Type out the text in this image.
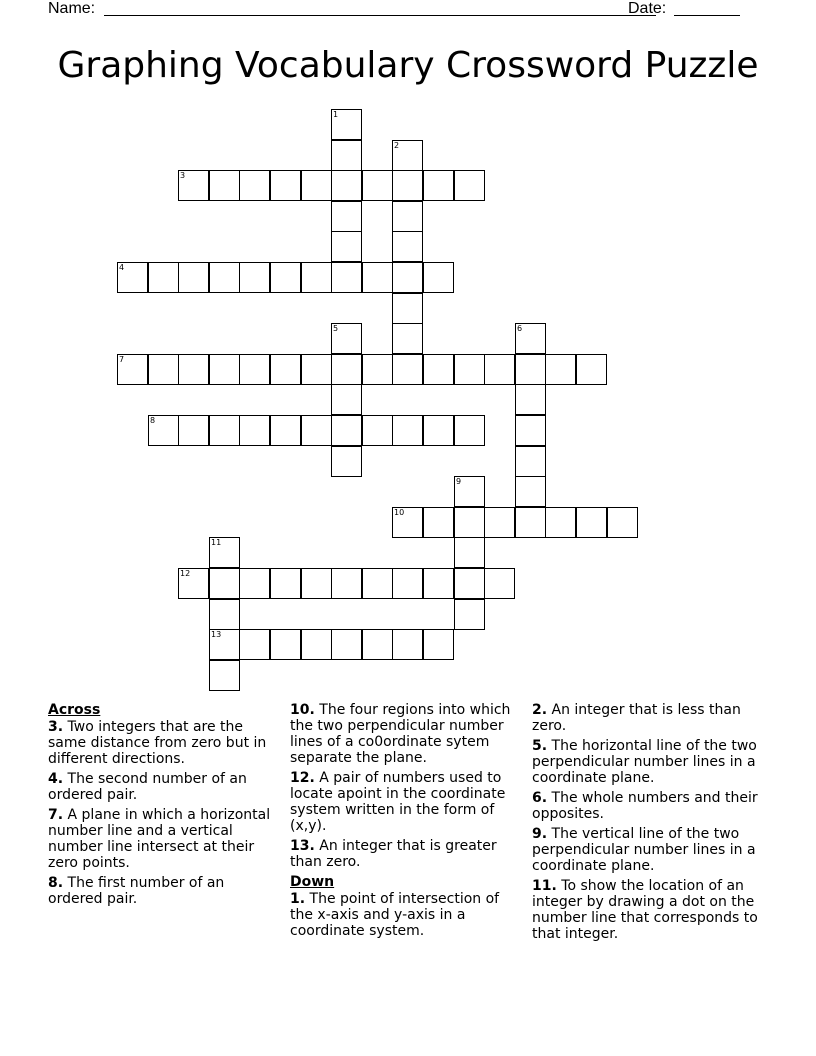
Name:	Date:
Graphing Vocabulary Crossword Puzzle
1
2
3
4
5	6
7
8
9
10
11
13
12
Across
3. Two integers that are the same distance from zero but in different directions.
4. The second number of an ordered pair.
7. A plane in which a horizontal number line and a vertical number line intersect at their zero points.
8. The first number of an ordered pair.
10. The four regions into which the two perpendicular number lines of a co0ordinate sytem separate the plane.
12. A pair of numbers used to locate apoint in the coordinate system written in the form of (x,y).
13. An integer that is greater than zero.
Down
1. The point of intersection of the x-axis and y-axis in a coordinate system.
2. An integer that is less than zero.
5. The horizontal line of the two perpendicular number lines in a coordinate plane.
6. The whole numbers and their opposites.
9. The vertical line of the two perpendicular number lines in a coordinate plane.
11. To show the location of an integer by drawing a dot on the number line that corresponds to that integer.
